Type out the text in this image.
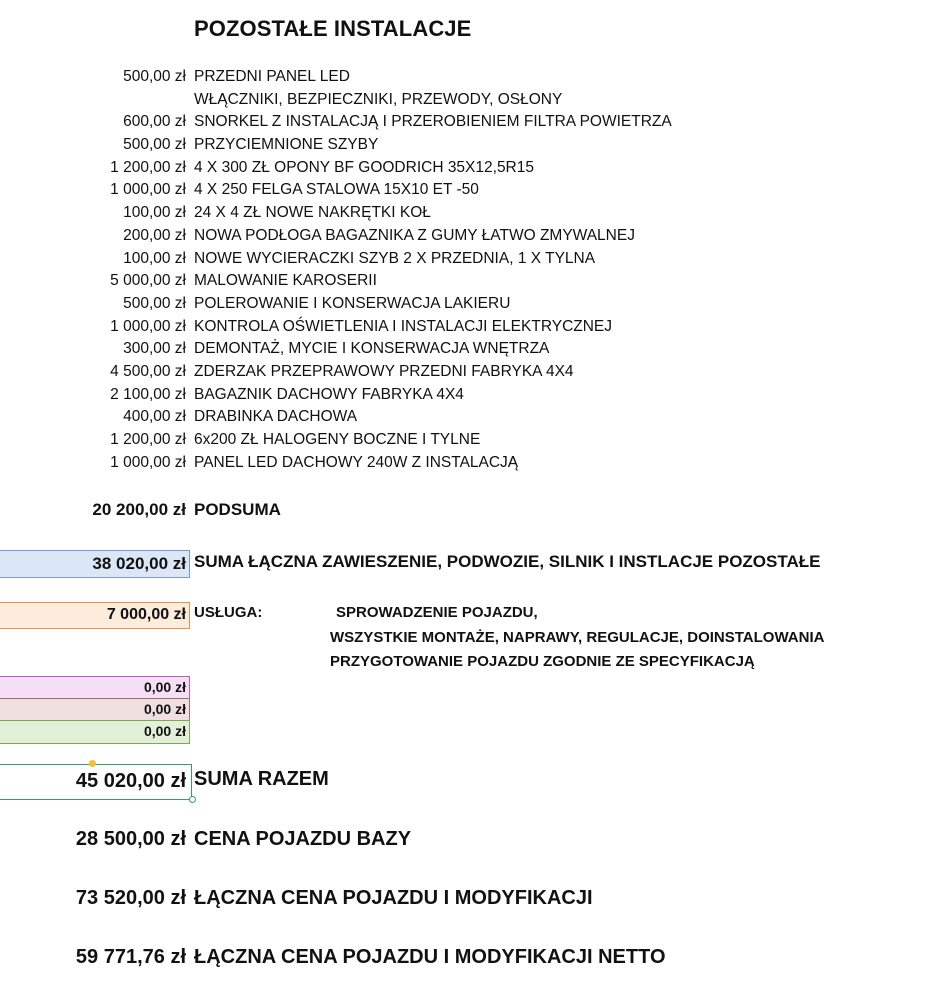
POZOSTAŁE INSTALACJE
500,00 zł PRZEDNI PANEL LED
WŁĄCZNIKI, BEZPIECZNIKI, PRZEWODY, OSŁONY
600,00 zł SNORKEL Z INSTALACJĄ I PRZEROBIENIEM FILTRA POWIETRZA
500,00 zł PRZYCIEMNIONE SZYBY
1 200,00 zł 4 X 300 ZŁ OPONY BF GOODRICH 35X12,5R15
1 000,00 zł 4 X 250 FELGA STALOWA 15X10 ET -50
100,00 zł 24 X 4 ZŁ NOWE NAKRĘTKI KOŁ
200,00 zł NOWA PODŁOGA BAGAZNIKA Z GUMY ŁATWO ZMYWALNEJ
100,00 zł NOWE WYCIERACZKI SZYB 2 X PRZEDNIA, 1 X TYLNA
5 000,00 zł MALOWANIE KAROSERII
500,00 zł POLEROWANIE I KONSERWACJA LAKIERU
1 000,00 zł KONTROLA OŚWIETLENIA I INSTALACJI ELEKTRYCZNEJ
300,00 zł DEMONTAŻ, MYCIE I KONSERWACJA WNĘTRZA
4 500,00 zł ZDERZAK PRZEPRAWOWY PRZEDNI FABRYKA 4X4
2 100,00 zł BAGAZNIK DACHOWY FABRYKA 4X4
400,00 zł DRABINKA DACHOWA
1 200,00 zł 6x200 ZŁ HALOGENY BOCZNE I TYLNE
1 000,00 zł PANEL LED DACHOWY 240W Z INSTALACJĄ
20 200,00 zł PODSUMA
38 020,00 zł SUMA ŁĄCZNA ZAWIESZENIE, PODWOZIE, SILNIK I INSTLACJE POZOSTAŁE
7 000,00 zł USŁUGA:	SPROWADZENIE POJAZDU,
WSZYSTKIE MONTAŻE, NAPRAWY, REGULACJE, DOINSTALOWANIA
PRZYGOTOWANIE POJAZDU ZGODNIE ZE SPECYFIKACJĄ
0,00 zł
0,00 zł
0,00 zł
45 020,00 zł SUMA RAZEM
28 500,00 zł CENA POJAZDU BAZY
73 520,00 zł ŁĄCZNA CENA POJAZDU I MODYFIKACJI
59 771,76 zł ŁĄCZNA CENA POJAZDU I MODYFIKACJI NETTO
